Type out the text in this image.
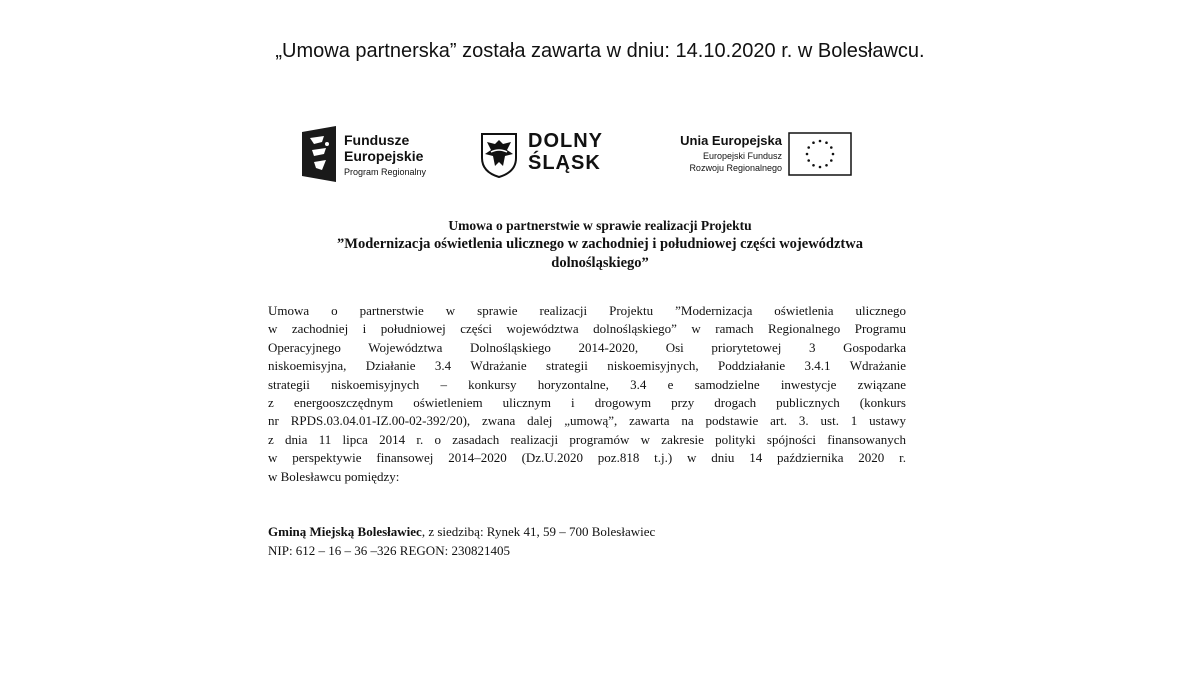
„Umowa partnerska” została zawarta w dniu: 14.10.2020 r. w Bolesławcu.
Fundusze
Europejskie
Program Regionalny
DOLNY
ŚLĄSK
Unia Europejska
Europejski Fundusz
Rozwoju Regionalnego
Umowa o partnerstwie w sprawie realizacji Projektu
”Modernizacja oświetlenia ulicznego w zachodniej i południowej części województwa
dolnośląskiego”
Umowa o partnerstwie w sprawie realizacji Projektu ”Modernizacja oświetlenia ulicznego
w zachodniej i południowej części województwa dolnośląskiego” w ramach Regionalnego Programu
Operacyjnego Województwa Dolnośląskiego 2014-2020, Osi priorytetowej 3 Gospodarka
niskoemisyjna, Działanie 3.4 Wdrażanie strategii niskoemisyjnych, Poddziałanie 3.4.1 Wdrażanie
strategii niskoemisyjnych – konkursy horyzontalne, 3.4 e samodzielne inwestycje związane
z energooszczędnym oświetleniem ulicznym i drogowym przy drogach publicznych (konkurs
nr RPDS.03.04.01-IZ.00-02-392/20), zwana dalej „umową”, zawarta na podstawie art. 3. ust. 1 ustawy
z dnia 11 lipca 2014 r. o zasadach realizacji programów w zakresie polityki spójności finansowanych
w perspektywie finansowej 2014–2020 (Dz.U.2020 poz.818 t.j.) w dniu 14 października 2020 r.
w Bolesławcu pomiędzy:
Gminą Miejską Bolesławiec, z siedzibą: Rynek 41, 59 – 700 Bolesławiec
NIP: 612 – 16 – 36 –326 REGON: 230821405
